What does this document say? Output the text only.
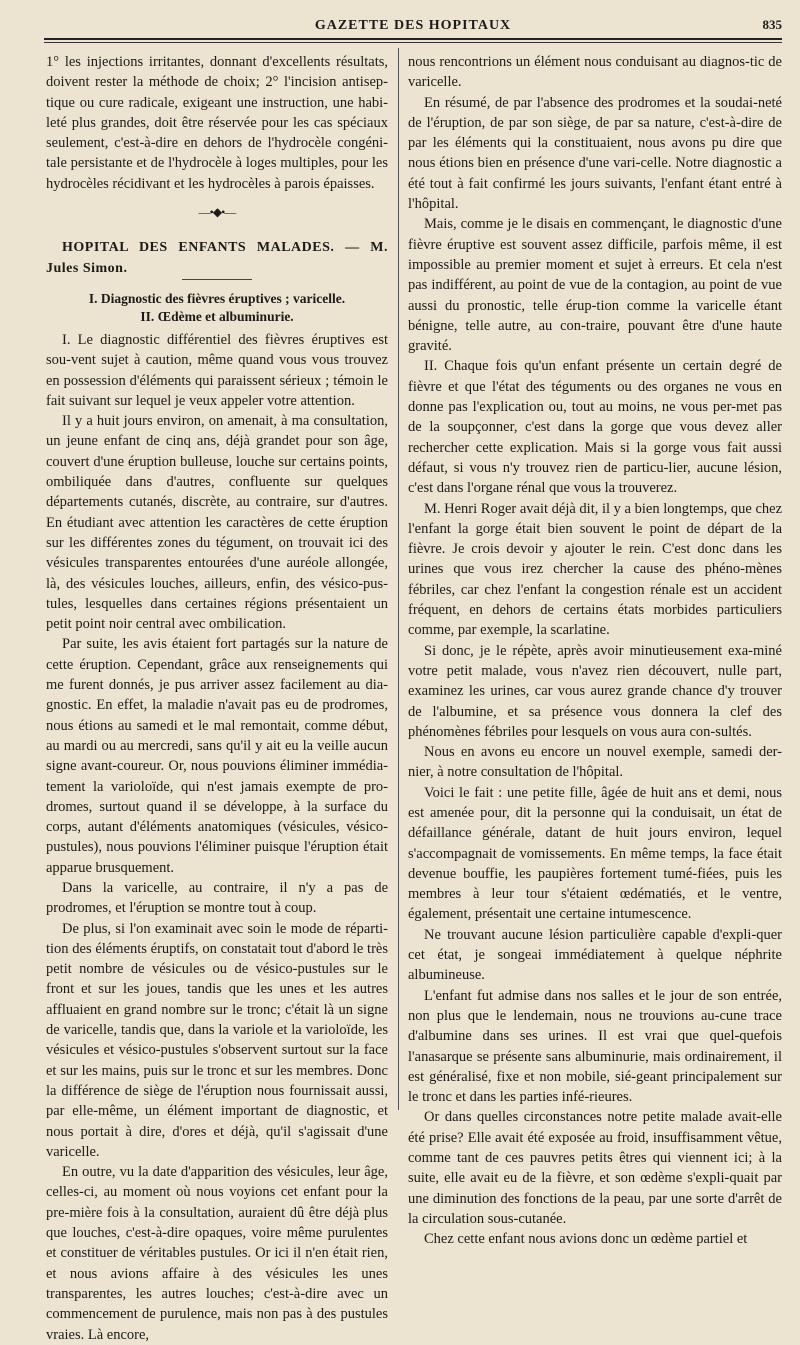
GAZETTE DES HOPITAUX	835

1° les injections irritantes, donnant d'excellents résultats, doivent rester la méthode de choix; 2° l'incision antisep-tique ou cure radicale, exigeant une instruction, une habi-leté plus grandes, doit être réservée pour les cas spéciaux seulement, c'est-à-dire en dehors de l'hydrocèle congéni-tale persistante et de l'hydrocèle à loges multiples, pour les hydrocèles récidivant et les hydrocèles à parois épaisses.

—•◆•—

HOPITAL DES ENFANTS MALADES. — M. Jules Simon.

I. Diagnostic des fièvres éruptives ; varicelle.
II. Œdème et albuminurie.

I. Le diagnostic différentiel des fièvres éruptives est sou-vent sujet à caution, même quand vous vous trouvez en possession d'éléments qui paraissent sérieux ; témoin le fait suivant sur lequel je veux appeler votre attention.

Il y a huit jours environ, on amenait, à ma consultation, un jeune enfant de cinq ans, déjà grandet pour son âge, couvert d'une éruption bulleuse, louche sur certains points, ombiliquée dans d'autres, confluente sur quelques départements cutanés, discrète, au contraire, sur d'autres. En étudiant avec attention les caractères de cette éruption sur les différentes zones du tégument, on trouvait ici des vésicules transparentes entourées d'une auréole allongée, là, des vésicules louches, ailleurs, enfin, des vésico-pus-tules, lesquelles dans certaines régions présentaient un petit point noir central avec ombilication.

Par suite, les avis étaient fort partagés sur la nature de cette éruption. Cependant, grâce aux renseignements qui me furent donnés, je pus arriver assez facilement au dia-gnostic. En effet, la maladie n'avait pas eu de prodromes, nous étions au samedi et le mal remontait, comme début, au mardi ou au mercredi, sans qu'il y ait eu la veille aucun signe avant-coureur. Or, nous pouvions éliminer immédia-tement la varioloïde, qui n'est jamais exempte de pro-dromes, surtout quand il se développe, à la surface du corps, autant d'éléments anatomiques (vésicules, vésico-pustules), nous pouvions l'éliminer puisque l'éruption était apparue brusquement.

Dans la varicelle, au contraire, il n'y a pas de prodromes, et l'éruption se montre tout à coup.

De plus, si l'on examinait avec soin le mode de réparti-tion des éléments éruptifs, on constatait tout d'abord le très petit nombre de vésicules ou de vésico-pustules sur le front et sur les joues, tandis que les unes et les autres affluaient en grand nombre sur le tronc; c'était là un signe de varicelle, tandis que, dans la variole et la varioloïde, les vésicules et vésico-pustules s'observent surtout sur la face et sur les mains, puis sur le tronc et sur les membres. Donc la différence de siège de l'éruption nous fournissait aussi, par elle-même, un élément important de diagnostic, et nous portait à dire, d'ores et déjà, qu'il s'agissait d'une varicelle.

En outre, vu la date d'apparition des vésicules, leur âge, celles-ci, au moment où nous voyions cet enfant pour la pre-mière fois à la consultation, auraient dû être déjà plus que louches, c'est-à-dire opaques, voire même purulentes et constituer de véritables pustules. Or ici il n'en était rien, et nous avions affaire à des vésicules les unes transparentes, les autres louches; c'est-à-dire avec un commencement de purulence, mais non pas à des pustules vraies. Là encore,

nous rencontrions un élément nous conduisant au diagnos-tic de varicelle.

En résumé, de par l'absence des prodromes et la soudai-neté de l'éruption, de par son siège, de par sa nature, c'est-à-dire de par les éléments qui la constituaient, nous avons pu dire que nous étions bien en présence d'une vari-celle. Notre diagnostic a été tout à fait confirmé les jours suivants, l'enfant étant entré à l'hôpital.

Mais, comme je le disais en commençant, le diagnostic d'une fièvre éruptive est souvent assez difficile, parfois même, il est impossible au premier moment et sujet à erreurs. Et cela n'est pas indifférent, au point de vue de la contagion, au point de vue aussi du pronostic, telle érup-tion comme la varicelle étant bénigne, telle autre, au con-traire, pouvant être d'une haute gravité.

II. Chaque fois qu'un enfant présente un certain degré de fièvre et que l'état des téguments ou des organes ne vous en donne pas l'explication ou, tout au moins, ne vous per-met pas de la soupçonner, c'est dans la gorge que vous devez aller rechercher cette explication. Mais si la gorge vous fait aussi défaut, si vous n'y trouvez rien de particu-lier, aucune lésion, c'est dans l'organe rénal que vous la trouverez.

M. Henri Roger avait déjà dit, il y a bien longtemps, que chez l'enfant la gorge était bien souvent le point de départ de la fièvre. Je crois devoir y ajouter le rein. C'est donc dans les urines que vous irez chercher la cause des phéno-mènes fébriles, car chez l'enfant la congestion rénale est un accident fréquent, en dehors de certains états morbides particuliers comme, par exemple, la scarlatine.

Si donc, je le répète, après avoir minutieusement exa-miné votre petit malade, vous n'avez rien découvert, nulle part, examinez les urines, car vous aurez grande chance d'y trouver de l'albumine, et sa présence vous donnera la clef des phénomènes fébriles pour lesquels on vous aura con-sultés.

Nous en avons eu encore un nouvel exemple, samedi der-nier, à notre consultation de l'hôpital.

Voici le fait : une petite fille, âgée de huit ans et demi, nous est amenée pour, dit la personne qui la conduisait, un état de défaillance générale, datant de huit jours environ, lequel s'accompagnait de vomissements. En même temps, la face était devenue bouffie, les paupières fortement tumé-fiées, puis les membres à leur tour s'étaient œdématiés, et le ventre, également, présentait une certaine intumescence.

Ne trouvant aucune lésion particulière capable d'expli-quer cet état, je songeai immédiatement à quelque néphrite albumineuse.

L'enfant fut admise dans nos salles et le jour de son entrée, non plus que le lendemain, nous ne trouvions au-cune trace d'albumine dans ses urines. Il est vrai que quel-quefois l'anasarque se présente sans albuminurie, mais ordinairement, il est généralisé, fixe et non mobile, sié-geant principalement sur le tronc et dans les parties infé-rieures.

Or dans quelles circonstances notre petite malade avait-elle été prise? Elle avait été exposée au froid, insuffisamment vêtue, comme tant de ces pauvres petits êtres qui viennent ici; à la suite, elle avait eu de la fièvre, et son œdème s'expli-quait par une diminution des fonctions de la peau, par une sorte d'arrêt de la circulation sous-cutanée.

Chez cette enfant nous avions donc un œdème partiel et
